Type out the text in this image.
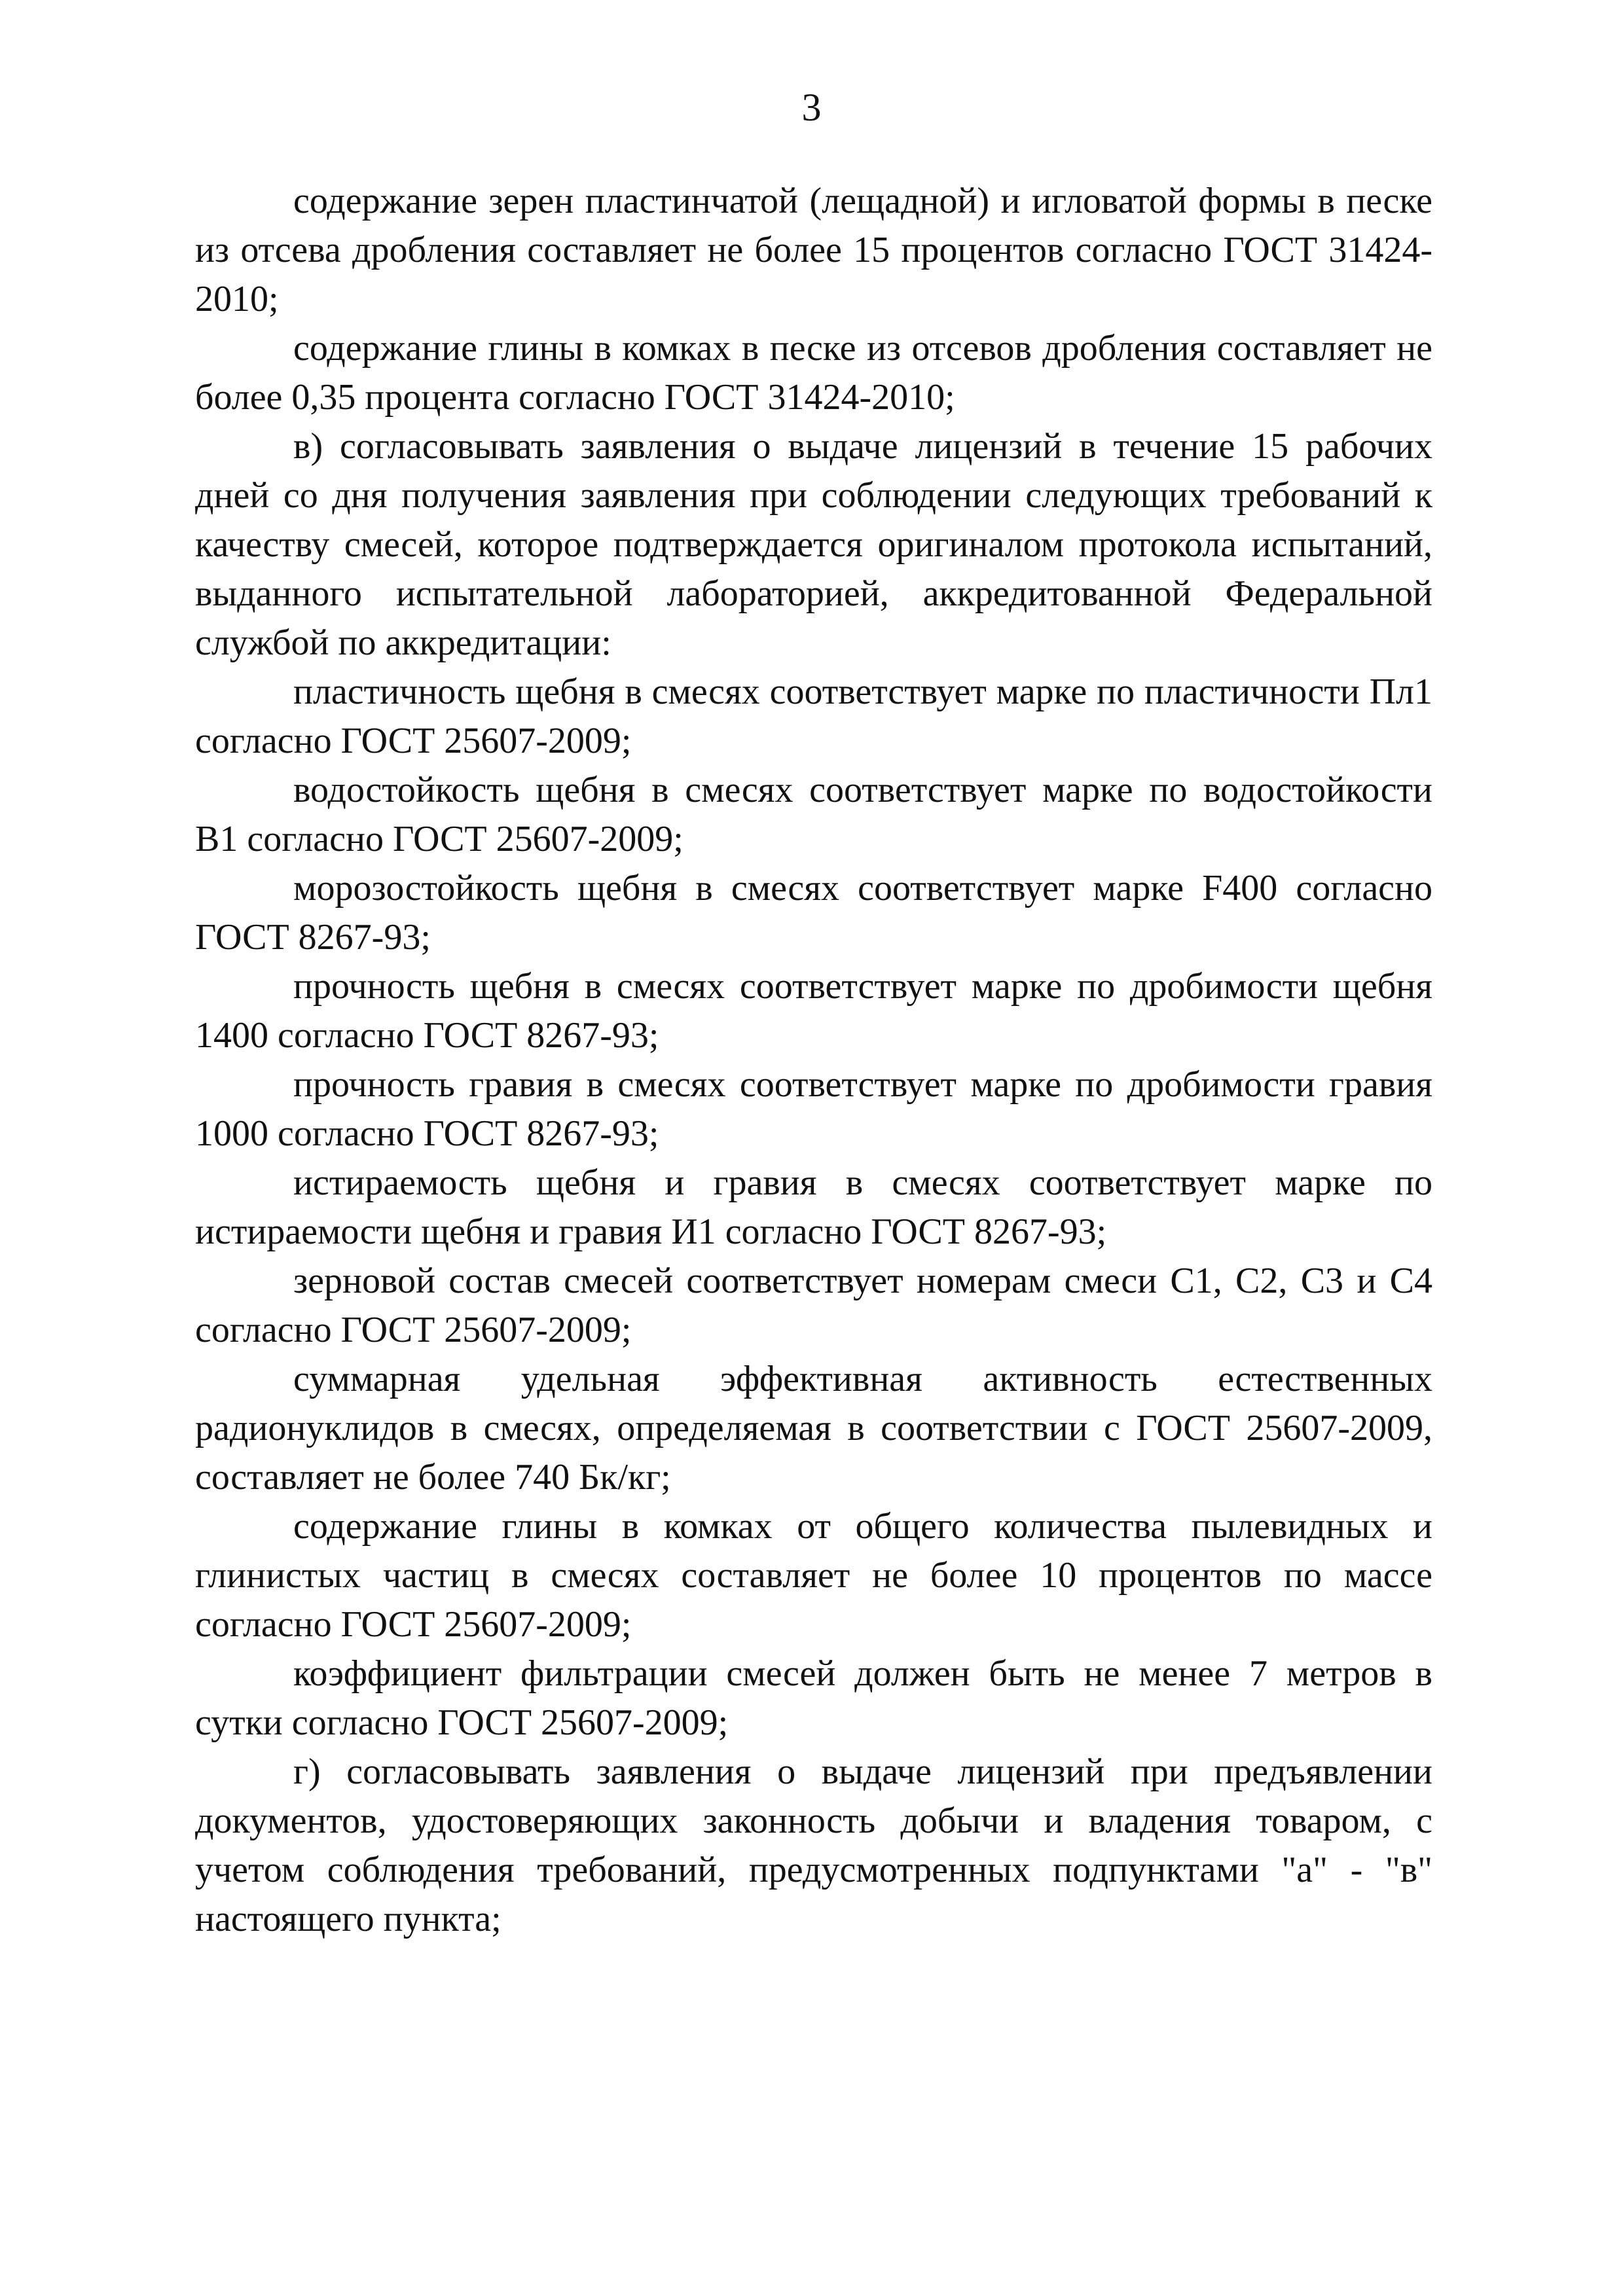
3

содержание зерен пластинчатой (лещадной) и игловатой формы в песке из отсева дробления составляет не более 15 процентов согласно ГОСТ 31424-2010;

содержание глины в комках в песке из отсевов дробления составляет не более 0,35 процента согласно ГОСТ 31424-2010;

в) согласовывать заявления о выдаче лицензий в течение 15 рабочих дней со дня получения заявления при соблюдении следующих требований к качеству смесей, которое подтверждается оригиналом протокола испытаний, выданного испытательной лабораторией, аккредитованной Федеральной службой по аккредитации:

пластичность щебня в смесях соответствует марке по пластичности Пл1 согласно ГОСТ 25607-2009;

водостойкость щебня в смесях соответствует марке по водостойкости В1 согласно ГОСТ 25607-2009;

морозостойкость щебня в смесях соответствует марке F400 согласно ГОСТ 8267-93;

прочность щебня в смесях соответствует марке по дробимости щебня 1400 согласно ГОСТ 8267-93;

прочность гравия в смесях соответствует марке по дробимости гравия 1000 согласно ГОСТ 8267-93;

истираемость щебня и гравия в смесях соответствует марке по истираемости щебня и гравия И1 согласно ГОСТ 8267-93;

зерновой состав смесей соответствует номерам смеси С1, С2, С3 и С4 согласно ГОСТ 25607-2009;

суммарная удельная эффективная активность естественных радионуклидов в смесях, определяемая в соответствии с ГОСТ 25607-2009, составляет не более 740 Бк/кг;

содержание глины в комках от общего количества пылевидных и глинистых частиц в смесях составляет не более 10 процентов по массе согласно ГОСТ 25607-2009;

коэффициент фильтрации смесей должен быть не менее 7 метров в сутки согласно ГОСТ 25607-2009;

г) согласовывать заявления о выдаче лицензий при предъявлении документов, удостоверяющих законность добычи и владения товаром, с учетом соблюдения требований, предусмотренных подпунктами "а" - "в" настоящего пункта;
